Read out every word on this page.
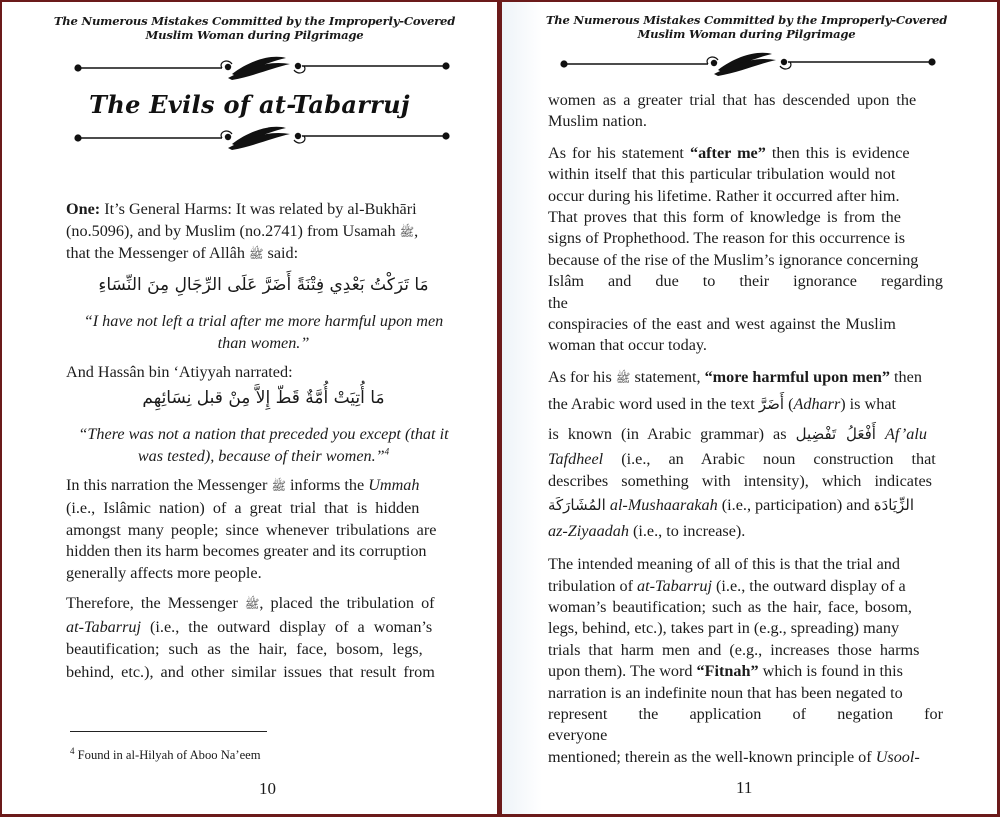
The Numerous Mistakes Committed by the Improperly-Covered
Muslim Woman during Pilgrimage
The Evils of at-Tabarruj

One: It’s General Harms: It was related by al-Bukhāri
(no.5096), and by Muslim (no.2741) from Usamah ﷺ,
that the Messenger of Allâh ﷺ said:

مَا تَرَكْتُ بَعْدِي فِتْنَةً أَضَرَّ عَلَى الرِّجَالِ مِنَ النِّسَاءِ
“I have not left a trial after me more harmful upon men
than women.”

And Hassân bin ‘Atiyyah narrated:

مَا أُتِيَتْ أُمَّةٌ قَطّ إِلاَّ مِنْ قبل نِسَائِهِم
“There was not a nation that preceded you except (that it
was tested), because of their women.”$^4$
In this narration the Messenger ﷺ informs the Ummah
(i.e., Islâmic nation) of a great trial that is hidden
amongst many people; since whenever tribulations are
hidden then its harm becomes greater and its corruption
generally affects more people.
Therefore, the Messenger ﷺ, placed the tribulation of
at-Tabarruj (i.e., the outward display of a woman’s
beautification; such as the hair, face, bosom, legs,
behind, etc.), and other similar issues that result from
$^4$ Found in al-Hilyah of Aboo Na’eem
10
The Numerous Mistakes Committed by the Improperly-Covered
Muslim Woman during Pilgrimage
women as a greater trial that has descended upon the
Muslim nation.
As for his statement “after me” then this is evidence
within itself that this particular tribulation would not
occur during his lifetime. Rather it occurred after him.
That proves that this form of knowledge is from the
signs of Prophethood. The reason for this occurrence is
because of the rise of the Muslim’s ignorance concerning
Islâm and due to their ignorance regarding the
conspiracies of the east and west against the Muslim
woman that occur today.
As for his ﷺ statement, “more harmful upon men” then
the Arabic word used in the text أَضَرَّ (Adharr) is what
is known (in Arabic grammar) as أَفْعَلُ تَفْضِيل Af’alu
Tafdheel (i.e., an Arabic noun construction that
describes something with intensity), which indicates
المُشَارَكَة al-Mushaarakah (i.e., participation) and الزِّيَادَة
az-Ziyaadah (i.e., to increase).
The intended meaning of all of this is that the trial and
tribulation of at-Tabarruj (i.e., the outward display of a
woman’s beautification; such as the hair, face, bosom,
legs, behind, etc.), takes part in (e.g., spreading) many
trials that harm men and (e.g., increases those harms
upon them). The word “Fitnah” which is found in this
narration is an indefinite noun that has been negated to
represent the application of negation for everyone
mentioned; therein as the well-known principle of Usool-
11
